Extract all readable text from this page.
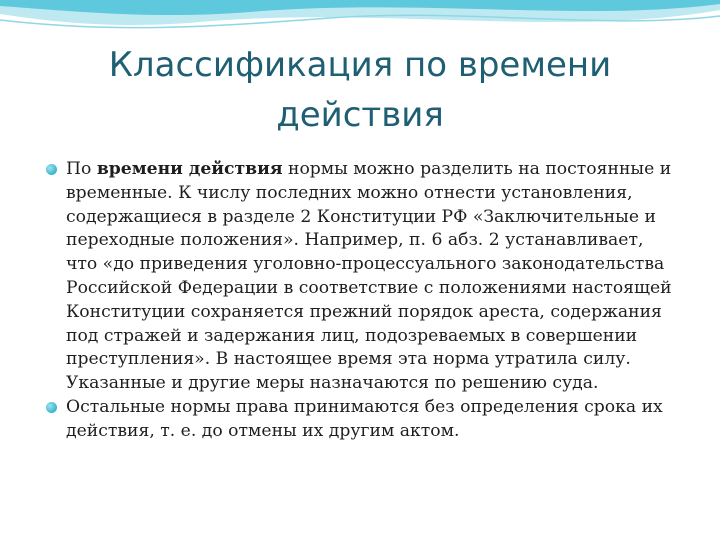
Классификация по времени действия
По времени действия нормы можно разделить на постоянные и временные. К числу последних можно отнести установления, содержащиеся в разделе 2 Конституции РФ «Заключительные и переходные положения». Например, п. 6 абз. 2 устанавливает, что «до приведения уголовно-процессуального законодательства Российской Федерации в соответствие с положениями настоящей Конституции сохраняется прежний порядок ареста, содержания под стражей и задержания лиц, подозреваемых в совершении преступления». В настоящее время эта норма утратила силу. Указанные и другие меры назначаются по решению суда.
Остальные нормы права принимаются без определения срока их действия, т. е. до отмены их другим актом.
